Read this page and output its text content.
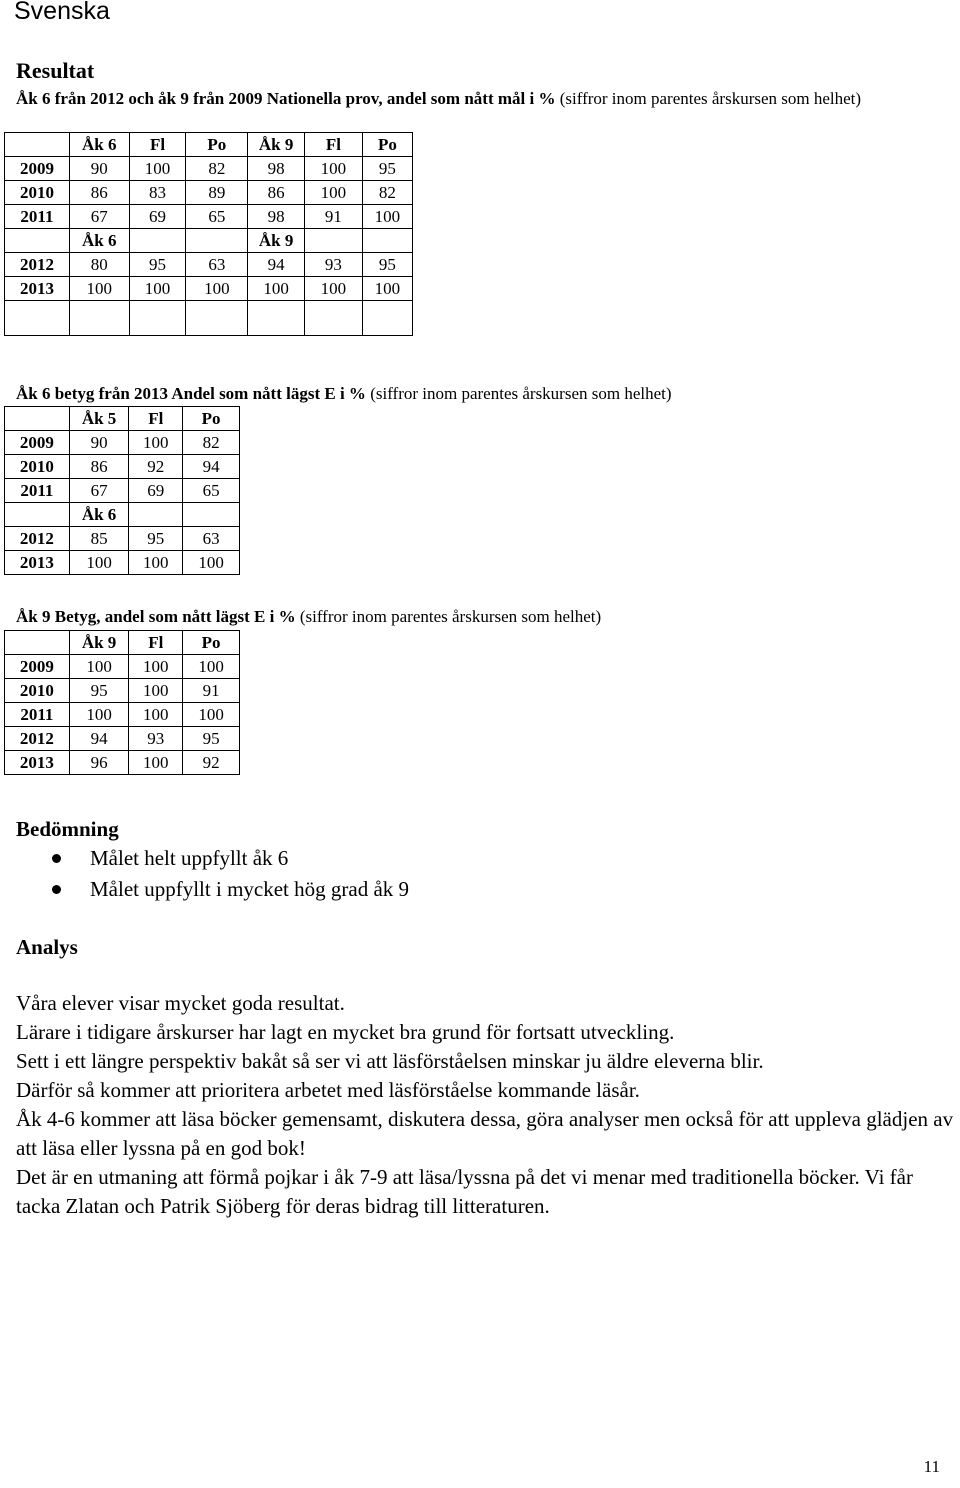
Svenska
Resultat
Åk 6 från 2012 och åk 9 från 2009 Nationella prov, andel som nått mål i % (siffror inom parentes årskursen som helhet)
	Åk 6	Fl	Po	Åk 9	Fl	Po
2009	90	100	82	98	100	95
2010	86	83	89	86	100	82
2011	67	69	65	98	91	100
	Åk 6			Åk 9		
2012	80	95	63	94	93	95
2013	100	100	100	100	100	100

Åk 6 betyg från 2013 Andel som nått lägst E i % (siffror inom parentes årskursen som helhet)
	Åk 5	Fl	Po
2009	90	100	82
2010	86	92	94
2011	67	69	65
	Åk 6		
2012	85	95	63
2013	100	100	100
Åk 9 Betyg, andel som nått lägst E i % (siffror inom parentes årskursen som helhet)
	Åk 9	Fl	Po
2009	100	100	100
2010	95	100	91
2011	100	100	100
2012	94	93	95
2013	96	100	92
Bedömning
Målet helt uppfyllt åk 6
Målet uppfyllt i mycket hög grad åk 9
Analys

Våra elever visar mycket goda resultat.

Lärare i tidigare årskurser har lagt en mycket bra grund för fortsatt utveckling.

Sett i ett längre perspektiv bakåt så ser vi att läsförståelsen minskar ju äldre eleverna blir.

Därför så kommer att prioritera arbetet med läsförståelse kommande läsår.

Åk 4-6 kommer att läsa böcker gemensamt, diskutera dessa, göra analyser men också för att uppleva glädjen av att läsa eller lyssna på en god bok!

Det är en utmaning att förmå pojkar i åk 7-9 att läsa/lyssna på det vi menar med traditionella böcker. Vi får tacka Zlatan och Patrik Sjöberg för deras bidrag till litteraturen.

11
